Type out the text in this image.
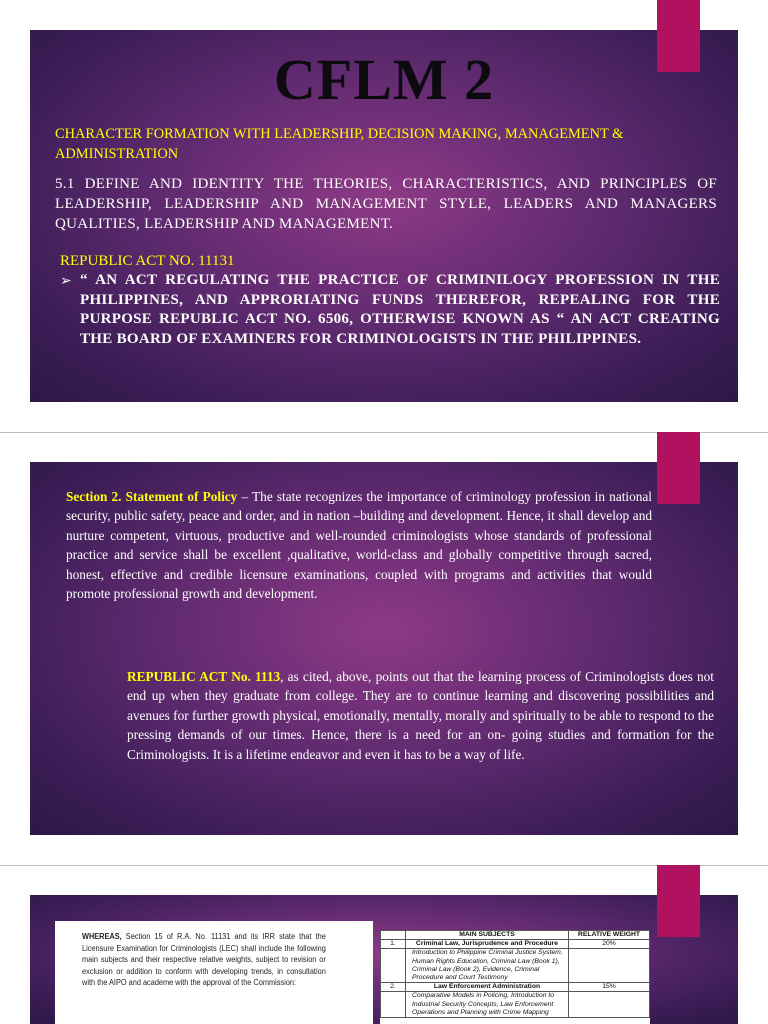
CFLM 2
CHARACTER FORMATION WITH LEADERSHIP, DECISION MAKING, MANAGEMENT & ADMINISTRATION
5.1 DEFINE AND IDENTITY THE THEORIES, CHARACTERISTICS, AND PRINCIPLES OF LEADERSHIP, LEADERSHIP AND MANAGEMENT STYLE, LEADERS AND MANAGERS QUALITIES, LEADERSHIP AND MANAGEMENT.
REPUBLIC ACT NO. 11131
➢ “ AN ACT REGULATING THE PRACTICE OF CRIMINILOGY PROFESSION IN THE PHILIPPINES, AND APPRORIATING FUNDS THEREFOR, REPEALING FOR THE PURPOSE REPUBLIC ACT NO. 6506, OTHERWISE KNOWN AS “ AN ACT CREATING THE BOARD OF EXAMINERS FOR CRIMINOLOGISTS IN THE PHILIPPINES.
Section 2. Statement of Policy – The state recognizes the importance of criminology profession in national security, public safety, peace and order, and in nation –building and development. Hence, it shall develop and nurture competent, virtuous, productive and well-rounded criminologists whose standards of professional practice and service shall be excellent ,qualitative, world-class and globally competitive through sacred, honest, effective and credible licensure examinations, coupled with programs and activities that would promote professional growth and development.
REPUBLIC ACT No. 1113, as cited, above, points out that the learning process of Criminologists does not end up when they graduate from college. They are to continue learning and discovering possibilities and avenues for further growth physical, emotionally, mentally, morally and spiritually to be able to respond to the pressing demands of our times. Hence, there is a need for an on- going studies and formation for the Criminologists. It is a lifetime endeavor and even it has to be a way of life.
WHEREAS, Section 15 of R.A. No. 11131 and its IRR state that the Licensure Examination for Criminologists (LEC) shall include the following main subjects and their respective relative weights, subject to revision or exclusion or addition to conform with developing trends, in consultation with the AIPO and academe with the approval of the Commission:
	MAIN SUBJECTS	RELATIVE WEIGHT
1.	Criminal Law, Jurisprudence and Procedure	20%
	Introduction to Philippine Criminal Justice System, Human Rights Education, Criminal Law (Book 1), Criminal Law (Book 2), Evidence, Criminal Procedure and Court Testimony	
2.	Law Enforcement Administration	15%
	Comparative Models in Policing, Introduction to Industrial Security Concepts, Law Enforcement Operations and Planning with Crime Mapping	
